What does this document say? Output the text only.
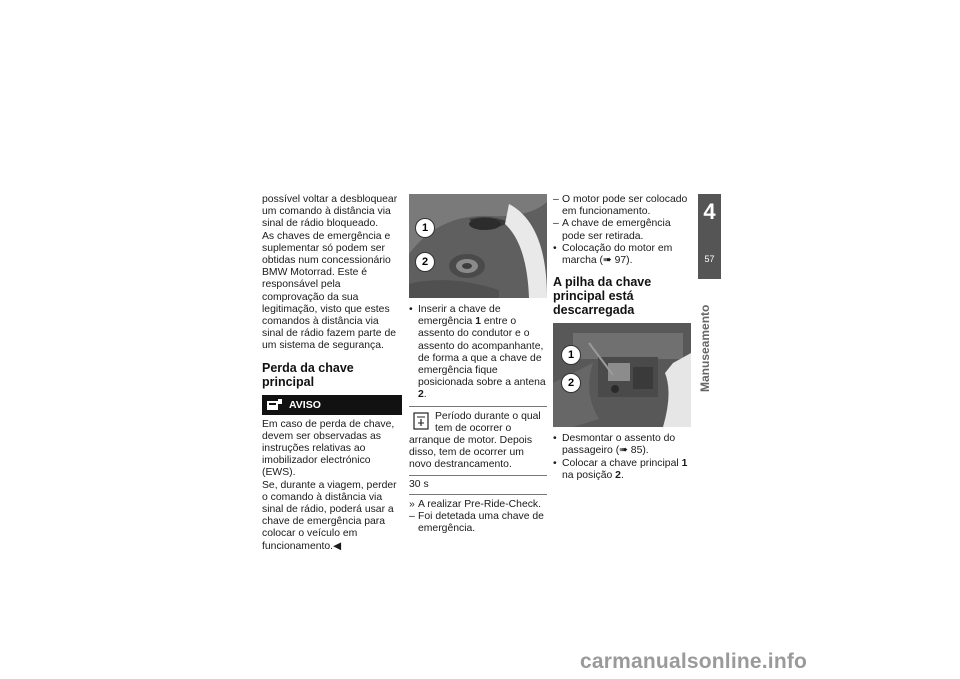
possível voltar a desbloquear um comando à distância via sinal de rádio bloqueado.

As chaves de emergência e suplementar só podem ser obtidas num concessionário BMW Motorrad. Este é responsável pela comprovação da sua legitimação, visto que estes comandos à distância via sinal de rádio fazem parte de um sistema de segurança.

Perda da chave principal
AVISO

Em caso de perda de chave, devem ser observadas as instruções relativas ao imobilizador electrónico (EWS).

Se, durante a viagem, perder o comando à distância via sinal de rádio, poderá usar a chave de emergência para colocar o veículo em funcionamento.◀

1
2

• Inserir a chave de emergência 1 entre o assento do condutor e o assento do acompanhante, de forma a que a chave de emergência fique posicionada sobre a antena 2.

Período durante o qual tem de ocorrer o arranque de motor. Depois disso, tem de ocorrer um novo destrancamento.
30 s

» A realizar Pre-Ride-Check.

– Foi detetada uma chave de emergência.

– O motor pode ser colocado em funcionamento.

– A chave de emergência pode ser retirada.

• Colocação do motor em marcha (➠ 97).

A pilha da chave principal está descarregada
1
2

• Desmontar o assento do passageiro (➠ 85).

• Colocar a chave principal 1 na posição 2.

4
57
Manuseamento
carmanualsonline.info
